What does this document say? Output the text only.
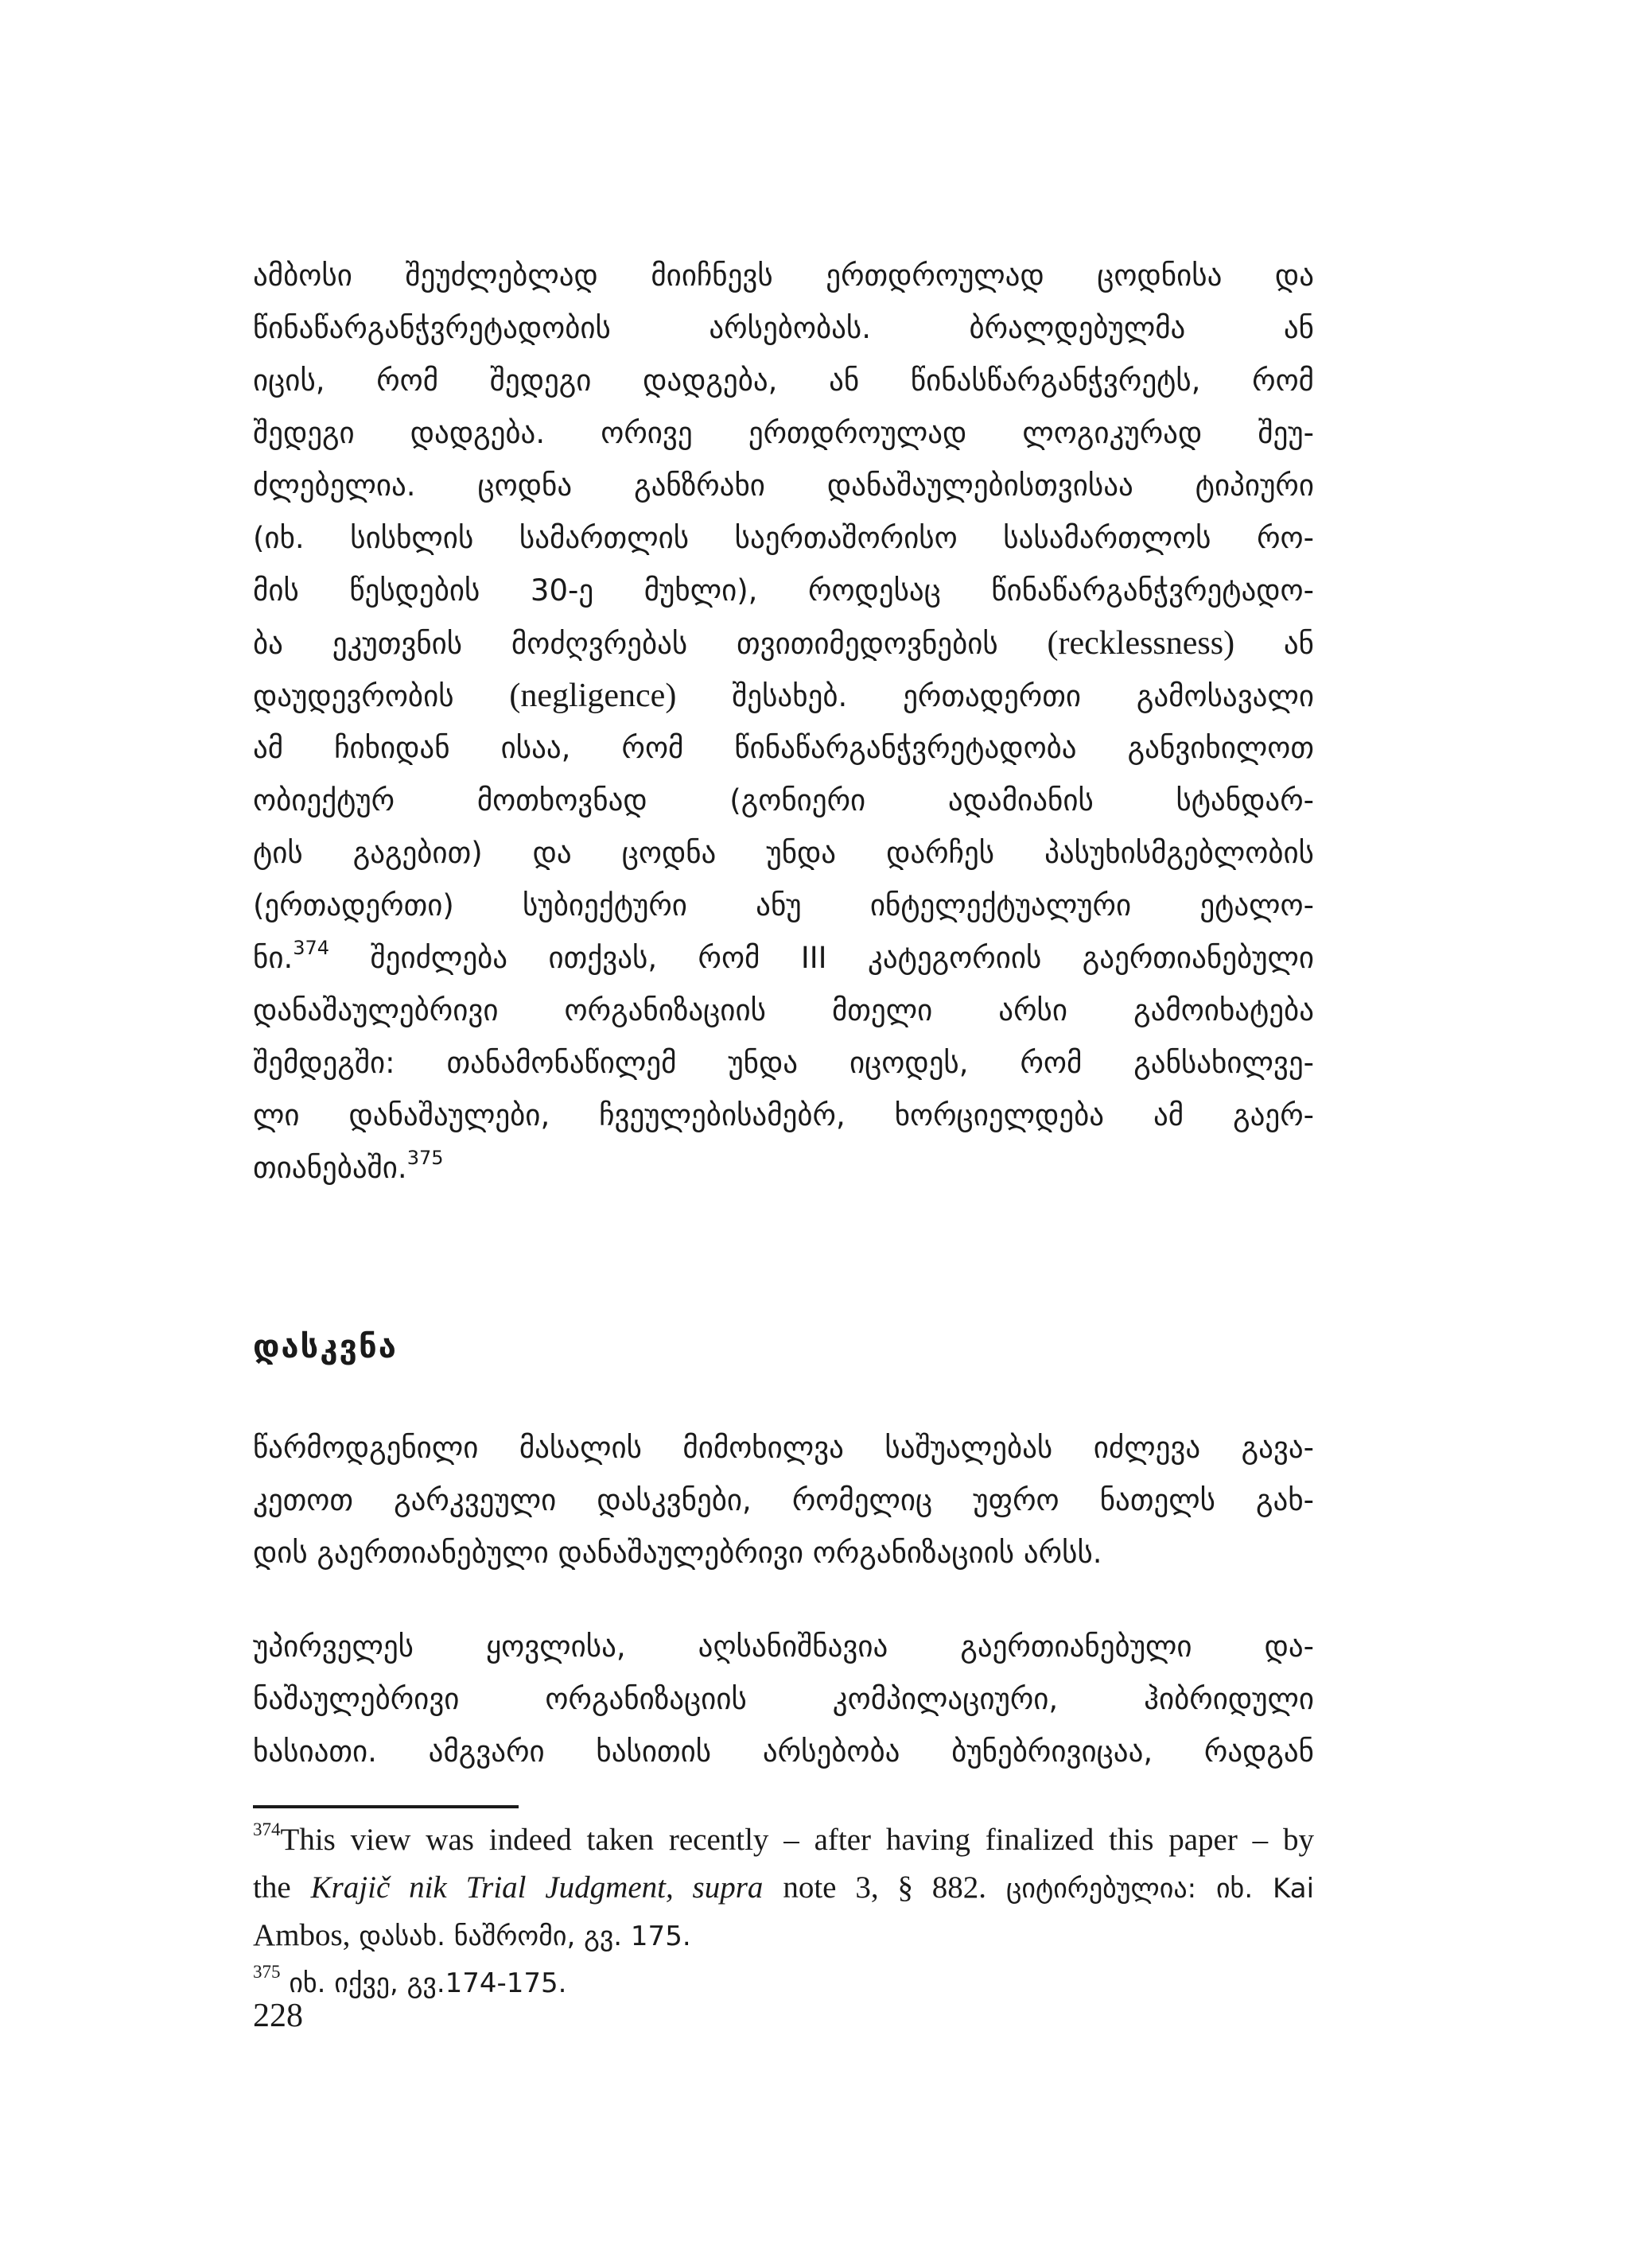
ამბოსი შეუძლებლად მიიჩნევს ერთდროულად ცოდნისა და
წინაწარგანჭვრეტადობის არსებობას. ბრალდებულმა ან
იცის, რომ შედეგი დადგება, ან წინასწარგანჭვრეტს, რომ
შედეგი დადგება. ორივე ერთდროულად ლოგიკურად შეუ-
ძლებელია. ცოდნა განზრახი დანაშაულებისთვისაა ტიპიური
(იხ. სისხლის სამართლის საერთაშორისო სასამართლოს რო-
მის წესდების 30-ე მუხლი), როდესაც წინაწარგანჭვრეტადო-
ბა ეკუთვნის მოძღვრებას თვითიმედოვნების (recklessness) ან
დაუდევრობის (negligence) შესახებ. ერთადერთი გამოსავალი
ამ ჩიხიდან ისაა, რომ წინაწარგანჭვრეტადობა განვიხილოთ
ობიექტურ მოთხოვნად (გონიერი ადამიანის სტანდარ-
ტის გაგებით) და ცოდნა უნდა დარჩეს პასუხისმგებლობის
(ერთადერთი) სუბიექტური ანუ ინტელექტუალური ეტალო-
ნი.$^{374}$ შეიძლება ითქვას, რომ III კატეგორიის გაერთიანებული
დანაშაულებრივი ორგანიზაციის მთელი არსი გამოიხატება
შემდეგში: თანამონაწილემ უნდა იცოდეს, რომ განსახილვე-
ლი დანაშაულები, ჩვეულებისამებრ, ხორციელდება ამ გაერ-
თიანებაში.$^{375}$
დასკვნა
წარმოდგენილი მასალის მიმოხილვა საშუალებას იძლევა გავა-
კეთოთ გარკვეული დასკვნები, რომელიც უფრო ნათელს გახ-
დის გაერთიანებული დანაშაულებრივი ორგანიზაციის არსს.
უპირველეს ყოვლისა, აღსანიშნავია გაერთიანებული და-
ნაშაულებრივი ორგანიზაციის კომპილაციური, ჰიბრიდული
ხასიათი. ამგვარი ხასითის არსებობა ბუნებრივიცაა, რადგან
$^{374}$This view was indeed taken recently – after having finalized this paper – by
the Krajič nik Trial Judgment, supra note 3, § 882. ციტირებულია: იხ. Kai
Ambos, დასახ. ნაშრომი, გვ. 175.
$^{375}$ იხ. იქვე, გვ.174-175.
228
